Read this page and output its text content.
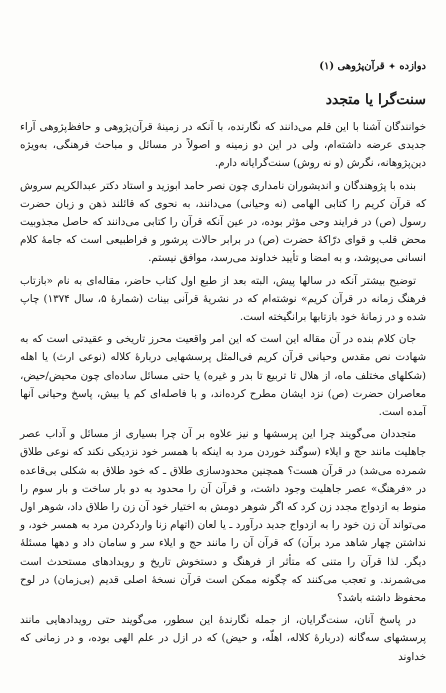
دوازده
✦
قرآن‌پژوهی (۱)
سنت‌گرا یا متجدد

خوانندگان آشنا با این قلم می‌دانند که نگارنده، با آنکه در زمینهٔ قرآن‌پژوهی و حافظ‌پژوهی آراء جدیدی عرضه داشته‌ام، ولی در این دو زمینه و اصولاً در مسائل و مباحث فرهنگی، به‌ویژه دین‌پژوهانه، نگرش (و نه روش) سنت‌گرایانه دارم.

بنده با پژوهندگان و اندیشوران نامداری چون نصر حامد ابوزید و استاد دکتر عبدالکریم سروش که قرآن کریم را کتابی الهامی (نه وحیانی) می‌دانند، به نحوی که قائلند ذهن و زبان حضرت رسول (ص) در فرایند وحی مؤثر بوده، در عین آنکه قرآن را کتابی می‌دانند که حاصل مجذوبیت محض قلب و قوای درّاکهٔ حضرت (ص) در برابر حالات پرشور و فراطبیعی است که جامهٔ کلام انسانی می‌پوشد، و به امضا و تأیید خداوند می‌رسد، موافق نیستم.

توضیح بیشتر آنکه در سالها پیش، البته بعد از طبع اول کتاب حاضر، مقاله‌ای به نام «بازتاب فرهنگ زمانه در قرآن کریم» نوشته‌ام که در نشریهٔ قرآنی بینات (شمارهٔ ۵، سال ۱۳۷۴) چاپ شده و در زمانهٔ خود بازتابها برانگیخته است.

جان کلام بنده در آن مقاله این است که این امر واقعیت محرز تاریخی و عقیدتی است که به شهادت نص مقدس وحیانی قرآن کریم فی‌المثل پرسشهایی دربارهٔ کلاله (نوعی ارث) یا اهله (شکلهای مختلف ماه، از هلال تا تربیع تا بدر و غیره) یا حتی مسائل ساده‌ای چون محیض/حیض، معاصران حضرت (ص) نزد ایشان مطرح کرده‌اند، و با فاصله‌ای کم یا بیش، پاسخ وحیانی آنها آمده است.

متجددان می‌گویند چرا این پرسشها و نیز علاوه بر آن چرا بسیاری از مسائل و آداب عصر جاهلیت مانند حج و ایلاء (سوگند خوردن مرد به اینکه با همسر خود نزدیکی نکند که نوعی طلاق شمرده می‌شد) در قرآن هست؟ همچنین محدودسازی طلاق ـ که خود طلاق به شکلی بی‌قاعده در «فرهنگ» عصر جاهلیت وجود داشت، و قرآن آن را محدود به دو بار ساخت و بار سوم را منوط به ازدواج مجدد زن کرد که اگر شوهر دومش به اختیار خود آن زن را طلاق داد، شوهر اول می‌تواند آن زن خود را به ازدواج جدید درآورد ـ یا لعان (اتهام زنا واردکردن مرد به همسر خود، و نداشتن چهار شاهد مرد برآن) که قرآن آن را مانند حج و ایلاء سر و سامان داد و دهها مسئلهٔ دیگر. لذا قرآن را متنی که متأثر از فرهنگ و دستخوش تاریخ و رویدادهای مستحدث است می‌شمرند. و تعجب می‌کنند که چگونه ممکن است قرآن نسخهٔ اصلی قدیم (بی‌زمان) در لوح محفوظ داشته باشد؟

در پاسخ آنان، سنت‌گرایان، از جمله نگارندهٔ این سطور، می‌گویند حتی رویدادهایی مانند پرسشهای سه‌گانه (دربارهٔ کلاله، اهلّه، و حیض) که در ازل در علم الهی بوده، و در زمانی که خداوند
